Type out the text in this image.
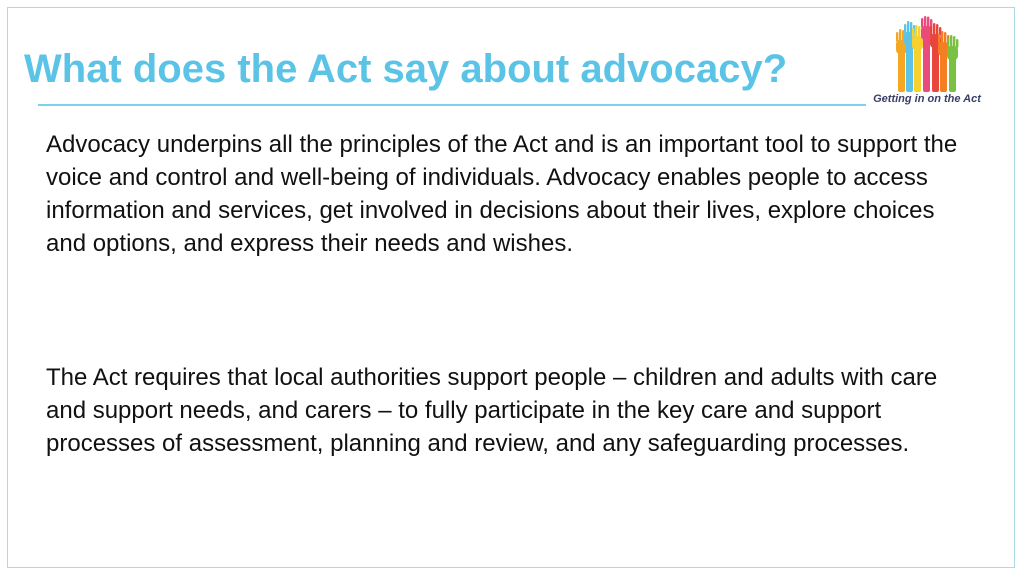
What does the Act say about advocacy?
Getting in on the Act

Advocacy underpins all the principles of the Act and is an important tool to support the voice and control and well-being of individuals. Advocacy enables people to access information and services, get involved in decisions about their lives, explore choices and options, and express their needs and wishes.

The Act requires that local authorities support people – children and adults with care and support needs, and carers – to fully participate in the key care and support processes of assessment, planning and review, and any safeguarding processes.
